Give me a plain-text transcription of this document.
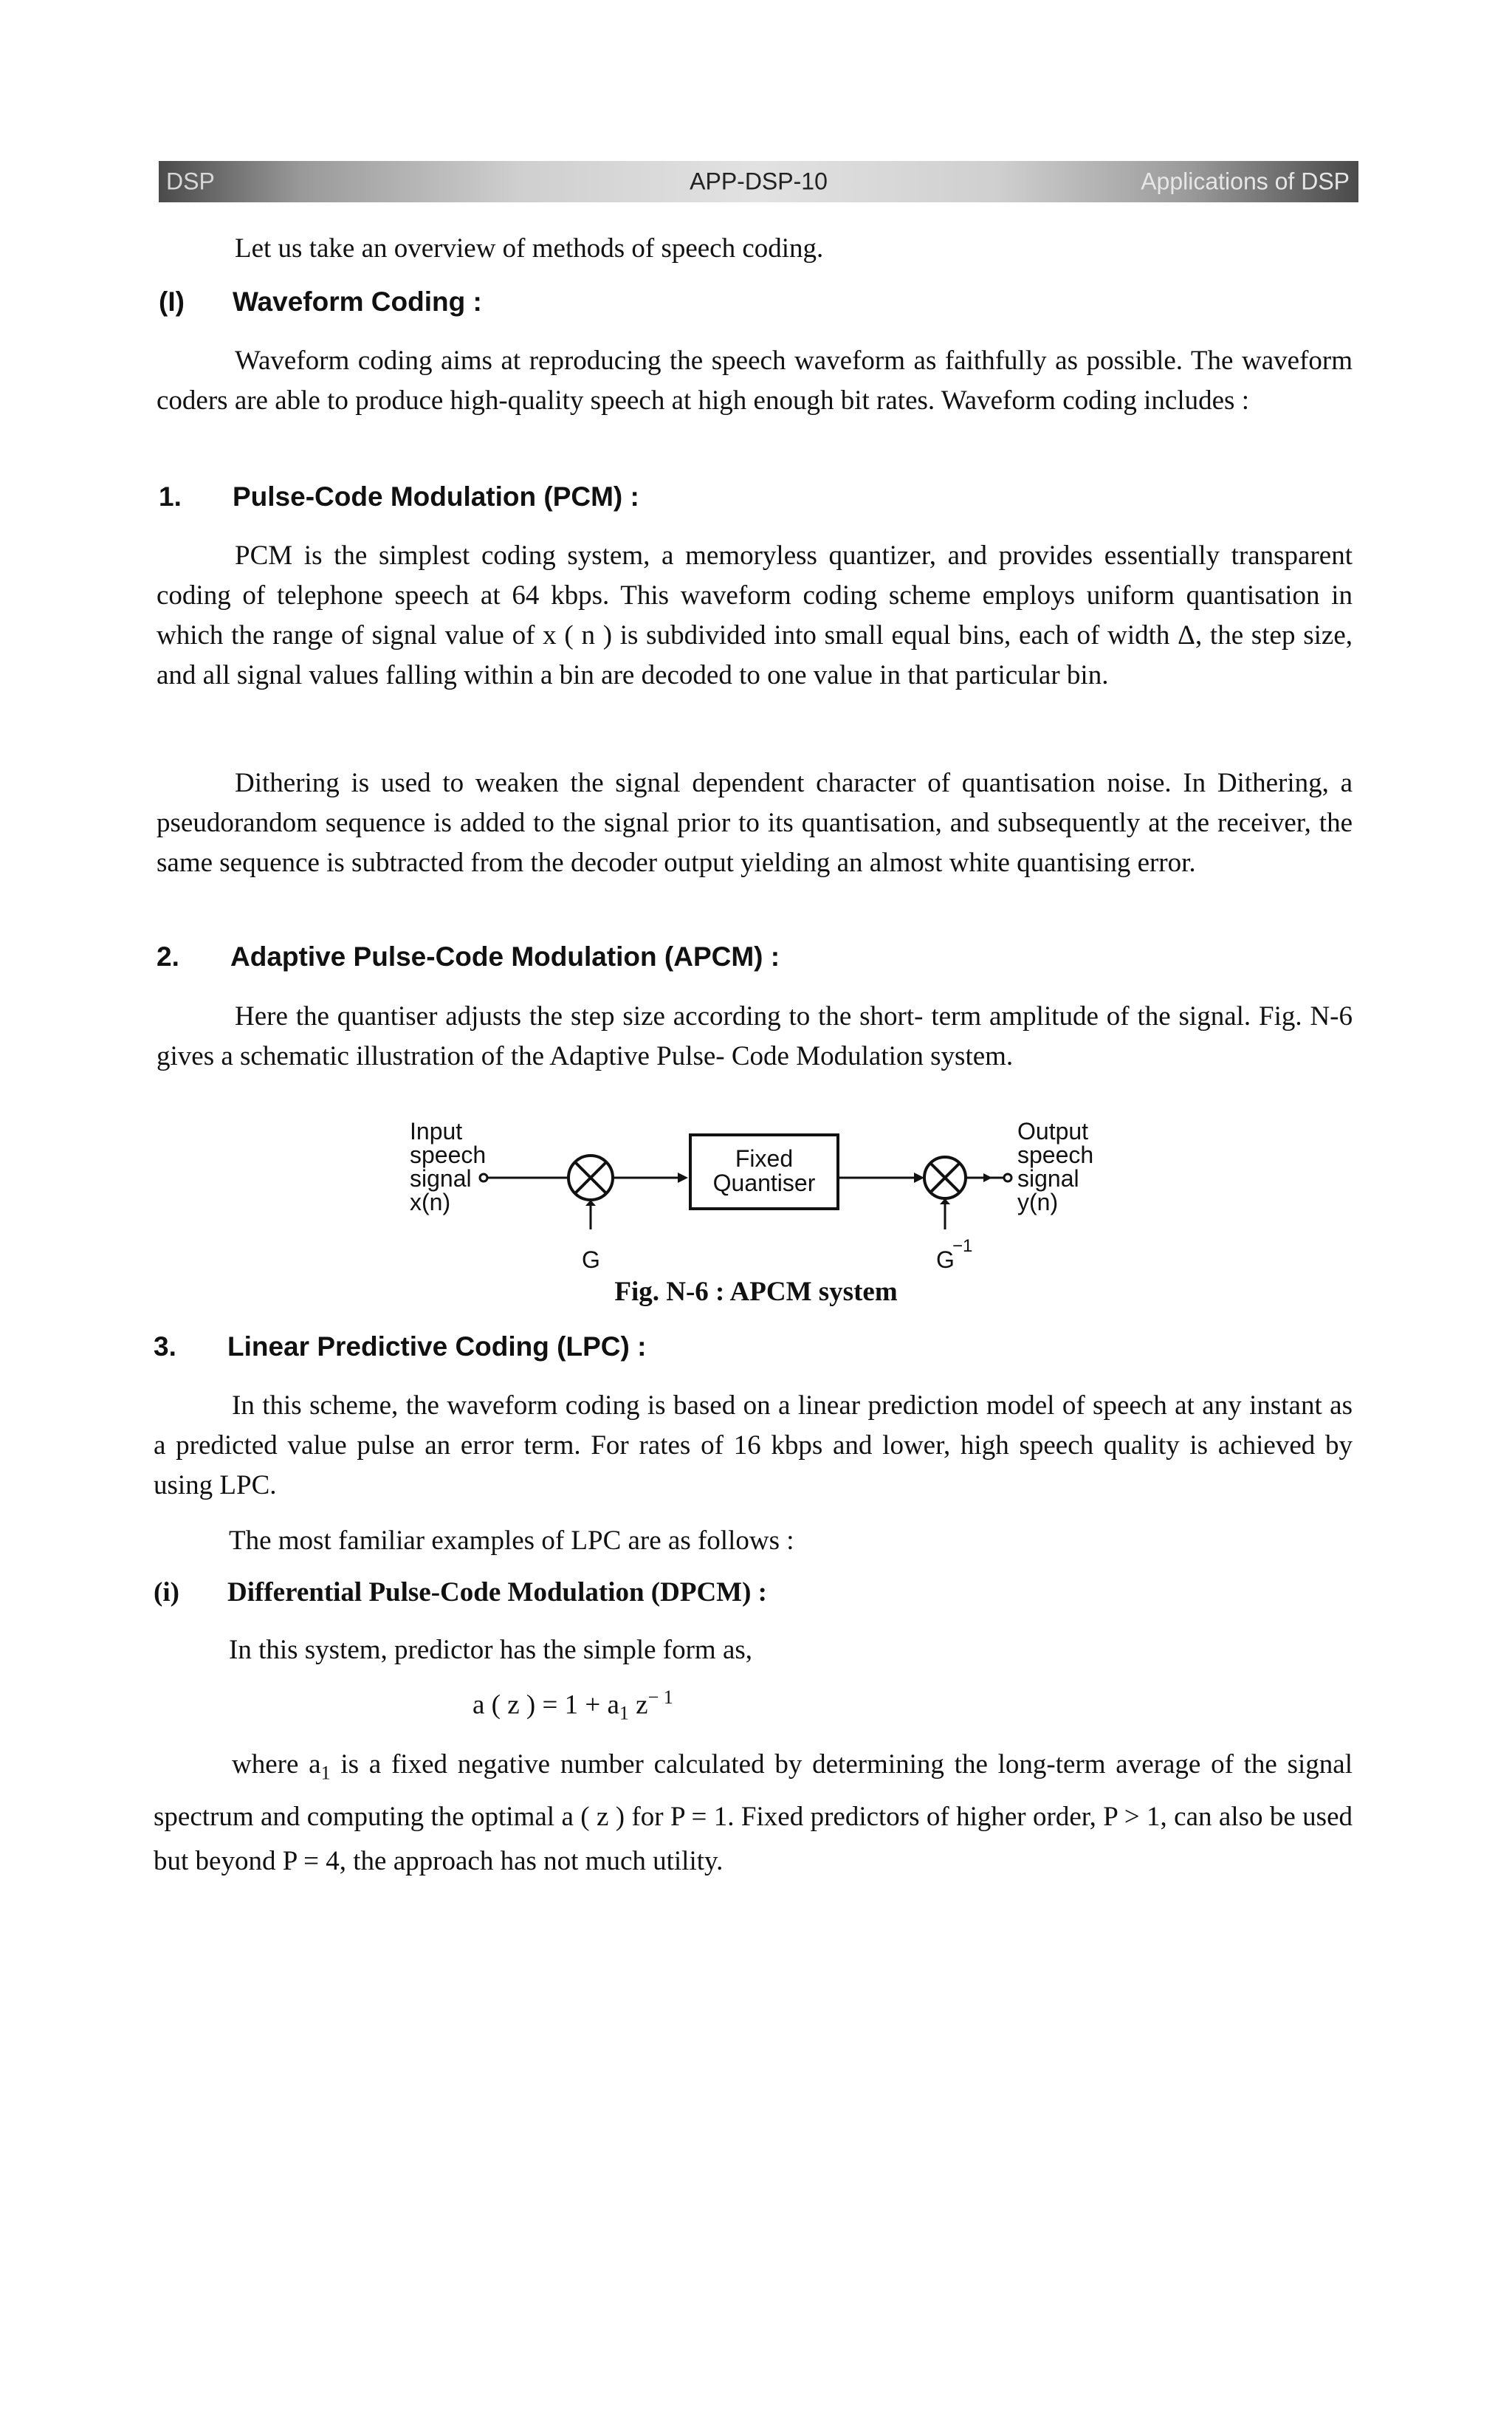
DSP	APP-DSP-10	Applications of DSP

Let us take an overview of methods of speech coding.

(I) Waveform Coding :

Waveform coding aims at reproducing the speech waveform as faithfully as possible. The waveform coders are able to produce high-quality speech at high enough bit rates. Waveform coding includes :

1. Pulse-Code Modulation (PCM) :

PCM is the simplest coding system, a memoryless quantizer, and provides essentially transparent coding of telephone speech at 64 kbps. This waveform coding scheme employs uniform quantisation in which the range of signal value of x ( n ) is subdivided into small equal bins, each of width Δ, the step size, and all signal values falling within a bin are decoded to one value in that particular bin.

Dithering is used to weaken the signal dependent character of quantisation noise. In Dithering, a pseudorandom sequence is added to the signal prior to its quantisation, and subsequently at the receiver, the same sequence is subtracted from the decoder output yielding an almost white quantising error.

2. Adaptive Pulse-Code Modulation (APCM) :

Here the quantiser adjusts the step size according to the short- term amplitude of the signal. Fig. N-6 gives a schematic illustration of the Adaptive Pulse- Code Modulation system.

Input
speech
signal
x(n)
G
Fixed
Quantiser
G
−1
Output
speech
signal
y(n)
Fig. N-6 : APCM system
3. Linear Predictive Coding (LPC) :

In this scheme, the waveform coding is based on a linear prediction model of speech at any instant as a predicted value pulse an error term. For rates of 16 kbps and lower, high speech quality is achieved by using LPC.

The most familiar examples of LPC are as follows :

(i) Differential Pulse-Code Modulation (DPCM) :

In this system, predictor has the simple form as,

a ( z ) = $1 + a_1$ $z^{- 1}$

where $a_1$ is a fixed negative number calculated by determining the long-term average of the signal spectrum and computing the optimal a ( z ) for P = 1. Fixed predictors of higher order, P > 1, can also be used but beyond P = 4, the approach has not much utility.
